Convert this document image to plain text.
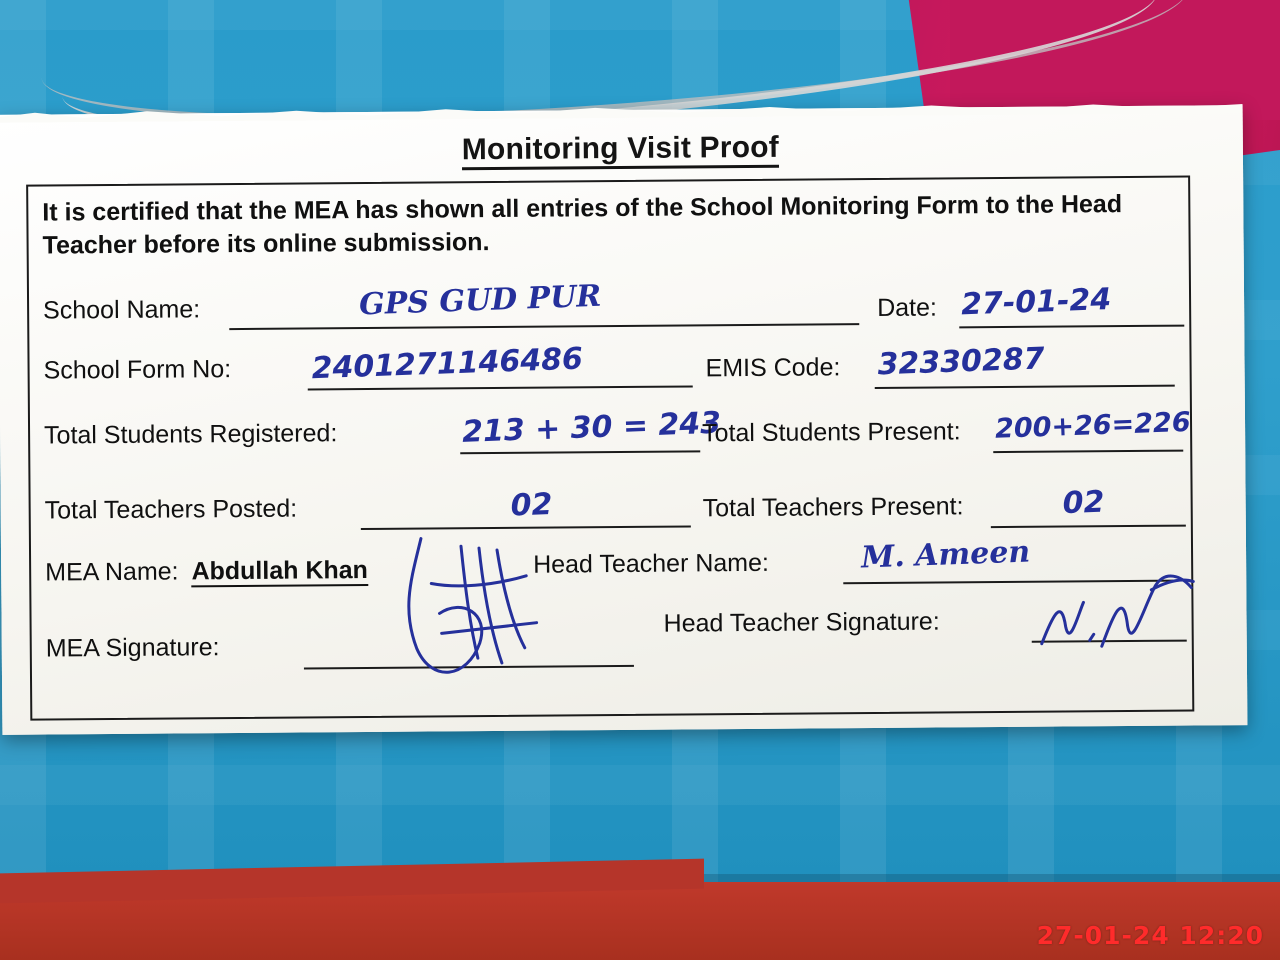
Monitoring Visit Proof
It is certified that the MEA has shown all entries of the School Monitoring Form to the Head Teacher before its online submission.
School Name:	GPS GUD PUR	Date: 27-01-24
School Form No:	2401271146486	EMIS Code: 32330287
Total Students Registered:	213 + 30 = 243
Total Students Present: 200+26=226
Total Teachers Posted:	02	Total Teachers Present:	02
MEA Name: Abdullah Khan	Head Teacher Name:	M. Ameen
MEA Signature:
Head Teacher Signature:
27-01-24 12:20
